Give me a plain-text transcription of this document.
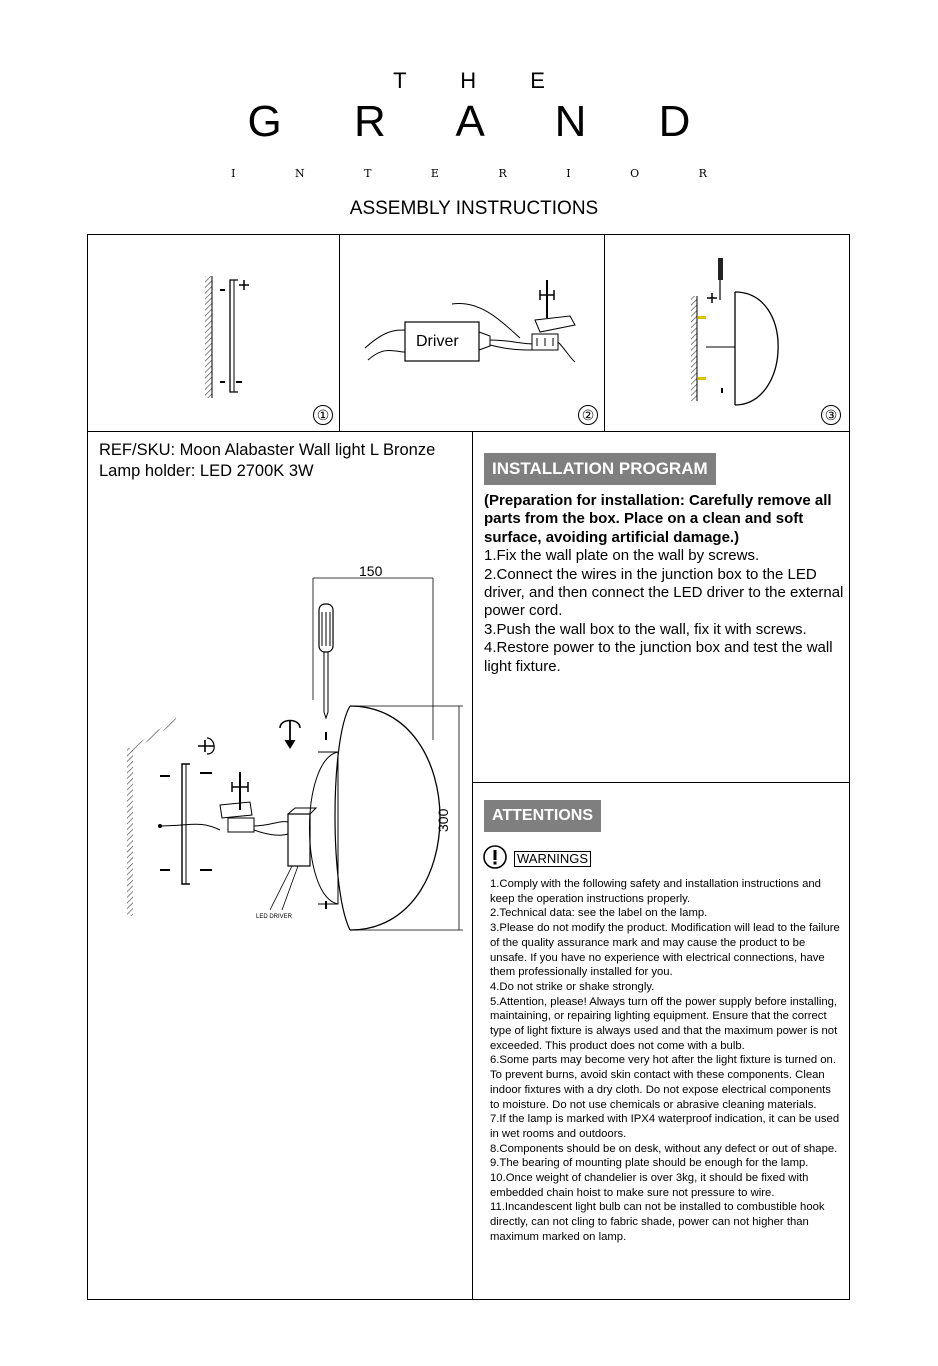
T H E
G R A N D
I N T E R I O R
ASSEMBLY INSTRUCTIONS
①
Driver
②	③
REF/SKU: Moon Alabaster Wall light L Bronze
Lamp holder: LED 2700K 3W
150
300
LED DRIVER
INSTALLATION PROGRAM

(Preparation for installation: Carefully remove all parts from the box. Place on a clean and soft surface, avoiding artificial damage.)

1.Fix the wall plate on the wall by screws.

2.Connect the wires in the junction box to the LED driver, and then connect the LED driver to the external power cord.

3.Push the wall box to the wall, fix it with screws.

4.Restore power to the junction box and test the wall light fixture.

ATTENTIONS
WARNINGS

1.Comply with the following safety and installation instructions and keep the operation instructions properly.

2.Technical data: see the label on the lamp.

3.Please do not modify the product. Modification will lead to the failure of the quality assurance mark and may cause the product to be unsafe. If you have no experience with electrical connections, have them professionally installed for you.

4.Do not strike or shake strongly.

5.Attention, please! Always turn off the power supply before installing, maintaining, or repairing lighting equipment. Ensure that the correct type of light fixture is always used and that the maximum power is not exceeded. This product does not come with a bulb.

6.Some parts may become very hot after the light fixture is turned on. To prevent burns, avoid skin contact with these components. Clean indoor fixtures with a dry cloth. Do not expose electrical components to moisture. Do not use chemicals or abrasive cleaning materials.

7.If the lamp is marked with IPX4 waterproof indication, it can be used in wet rooms and outdoors.

8.Components should be on desk, without any defect or out of shape.

9.The bearing of mounting plate should be enough for the lamp.

10.Once weight of chandelier is over 3kg, it should be fixed with embedded chain hoist to make sure not pressure to wire.

11.Incandescent light bulb can not be installed to combustible hook directly, can not cling to fabric shade, power can not higher than maximum marked on lamp.
